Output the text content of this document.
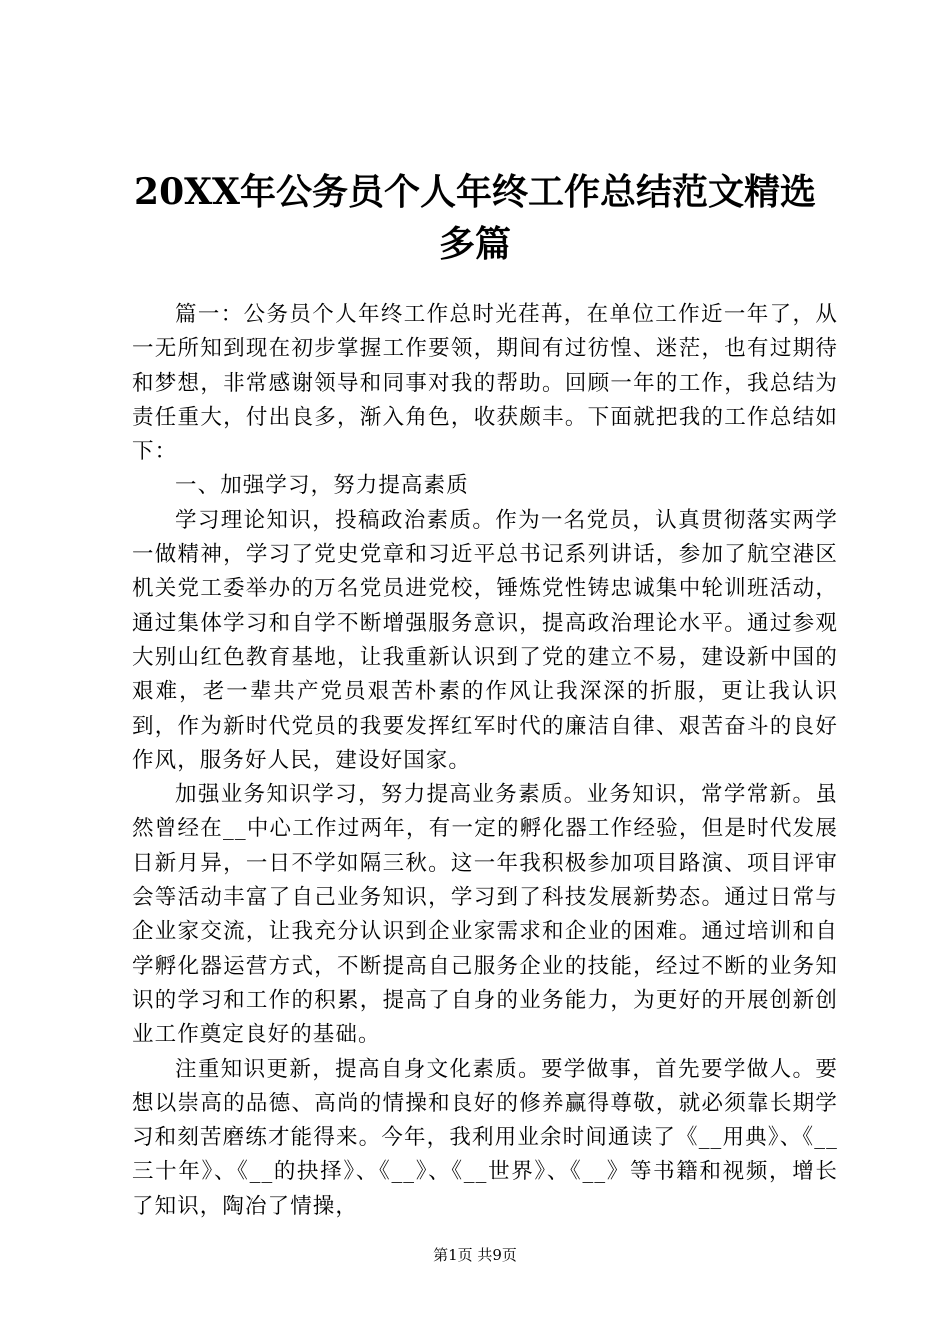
20XX年公务员个人年终工作总结范文精选多篇

篇一：公务员个人年终工作总时光荏苒，在单位工作近一年了，从一无所知到现在初步掌握工作要领，期间有过彷惶、迷茫，也有过期待和梦想，非常感谢领导和同事对我的帮助。回顾一年的工作，我总结为责任重大，付出良多，渐入角色，收获颇丰。下面就把我的工作总结如下：

一、加强学习，努力提高素质

学习理论知识，投稿政治素质。作为一名党员，认真贯彻落实两学一做精神，学习了党史党章和习近平总书记系列讲话，参加了航空港区机关党工委举办的万名党员进党校，锤炼党性铸忠诚集中轮训班活动，通过集体学习和自学不断增强服务意识，提高政治理论水平。通过参观大别山红色教育基地，让我重新认识到了党的建立不易，建设新中国的艰难，老一辈共产党员艰苦朴素的作风让我深深的折服，更让我认识到，作为新时代党员的我要发挥红军时代的廉洁自律、艰苦奋斗的良好作风，服务好人民，建设好国家。

加强业务知识学习，努力提高业务素质。业务知识，常学常新。虽然曾经在__中心工作过两年，有一定的孵化器工作经验，但是时代发展日新月异，一日不学如隔三秋。这一年我积极参加项目路演、项目评审会等活动丰富了自己业务知识，学习到了科技发展新势态。通过日常与企业家交流，让我充分认识到企业家需求和企业的困难。通过培训和自学孵化器运营方式，不断提高自己服务企业的技能，经过不断的业务知识的学习和工作的积累，提高了自身的业务能力，为更好的开展创新创业工作奠定良好的基础。

注重知识更新，提高自身文化素质。要学做事，首先要学做人。要想以崇高的品德、高尚的情操和良好的修养赢得尊敬，就必须靠长期学习和刻苦磨练才能得来。今年，我利用业余时间通读了《__用典》、《__三十年》、《__的抉择》、《__》、《__世界》、《__》等书籍和视频，增长了知识，陶冶了情操，

第1页 共9页
